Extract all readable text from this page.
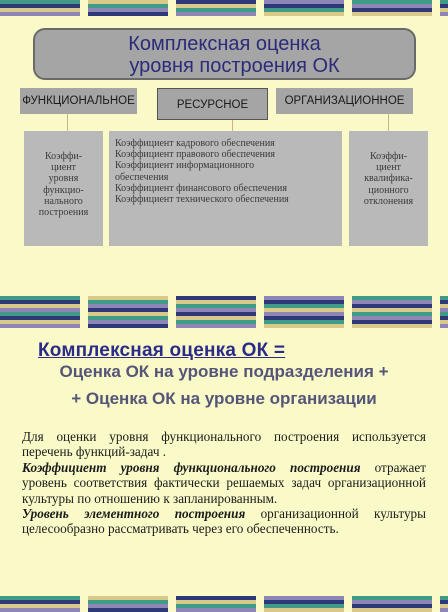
Комплексная оценка

уровня построения ОК
ФУНКЦИОНАЛЬНОЕ	РЕСУРСНОЕ	ОРГАНИЗАЦИОННОЕ
Коэффи-
циент
уровня
функцио-
нального
построения
Коэффициент кадрового обеспечения
Коэффициент правового обеспечения
Коэффициент информационного
обеспечения
Коэффициент финансового обеспечения
Коэффициент технического обеспечения
Коэффи-
циент
квалифика-
ционного
отклонения
Комплексная оценка ОК =
Оценка ОК на уровне подразделения +
+ Оценка ОК на уровне организации

Для оценки уровня функционального построения используется перечень функций-задач .

Коэффициент уровня функционального построения отражает уровень соответствия фактически решаемых задач организационной культуры по отношению к запланированным.

Уровень элементного построения организационной культуры целесообразно рассматривать через его обеспеченность.
